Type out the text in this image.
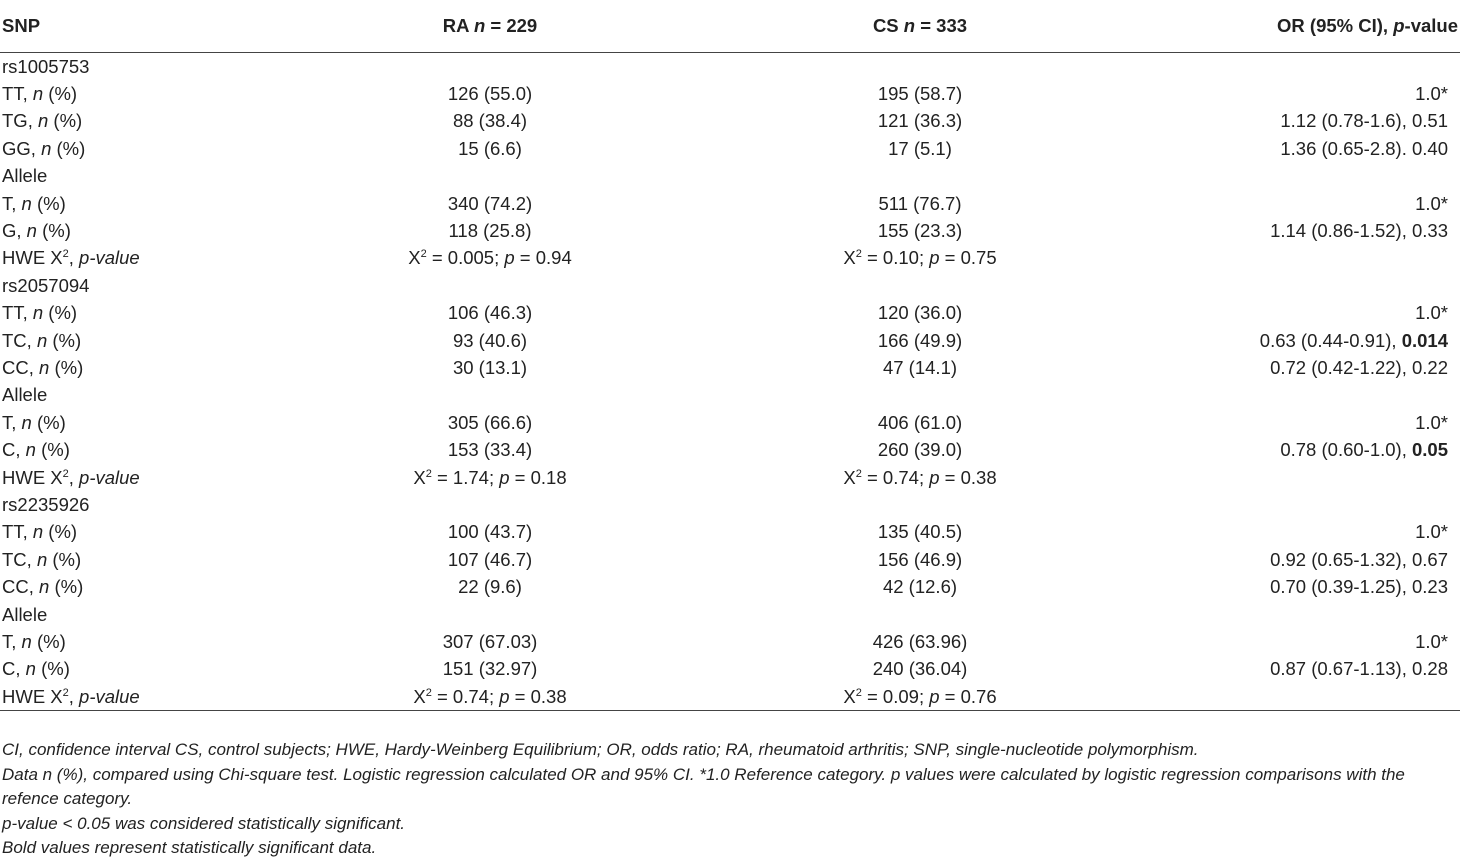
SNP	RA n = 229	CS n = 333	OR (95% CI), p-value
rs1005753			
TT, n (%)	126 (55.0)	195 (58.7)	1.0*
TG, n (%)	88 (38.4)	121 (36.3)	1.12 (0.78-1.6), 0.51
GG, n (%)	15 (6.6)	17 (5.1)	1.36 (0.65-2.8). 0.40
Allele			
T, n (%)	340 (74.2)	511 (76.7)	1.0*
G, n (%)	118 (25.8)	155 (23.3)	1.14 (0.86-1.52), 0.33
HWE $X^2$, p-value	$X^2 = 0.005$; p = 0.94	$X^2 = 0.10$; p = 0.75	
rs2057094			
TT, n (%)	106 (46.3)	120 (36.0)	1.0*
TC, n (%)	93 (40.6)	166 (49.9)	0.63 (0.44-0.91), 0.014
CC, n (%)	30 (13.1)	47 (14.1)	0.72 (0.42-1.22), 0.22
Allele			
T, n (%)	305 (66.6)	406 (61.0)	1.0*
C, n (%)	153 (33.4)	260 (39.0)	0.78 (0.60-1.0), 0.05
HWE $X^2$, p-value	$X^2 = 1.74$; p = 0.18	$X^2 = 0.74$; p = 0.38	
rs2235926			
TT, n (%)	100 (43.7)	135 (40.5)	1.0*
TC, n (%)	107 (46.7)	156 (46.9)	0.92 (0.65-1.32), 0.67
CC, n (%)	22 (9.6)	42 (12.6)	0.70 (0.39-1.25), 0.23
Allele			
T, n (%)	307 (67.03)	426 (63.96)	1.0*
C, n (%)	151 (32.97)	240 (36.04)	0.87 (0.67-1.13), 0.28
HWE $X^2$, p-value	$X^2 = 0.74$; p = 0.38	$X^2 = 0.09$; p = 0.76	

CI, confidence interval CS, control subjects; HWE, Hardy-Weinberg Equilibrium; OR, odds ratio; RA, rheumatoid arthritis; SNP, single-nucleotide polymorphism.

Data n (%), compared using Chi-square test. Logistic regression calculated OR and 95% CI. *1.0 Reference category. p values were calculated by logistic regression comparisons with the refence category.

p-value < 0.05 was considered statistically significant.

Bold values represent statistically significant data.
